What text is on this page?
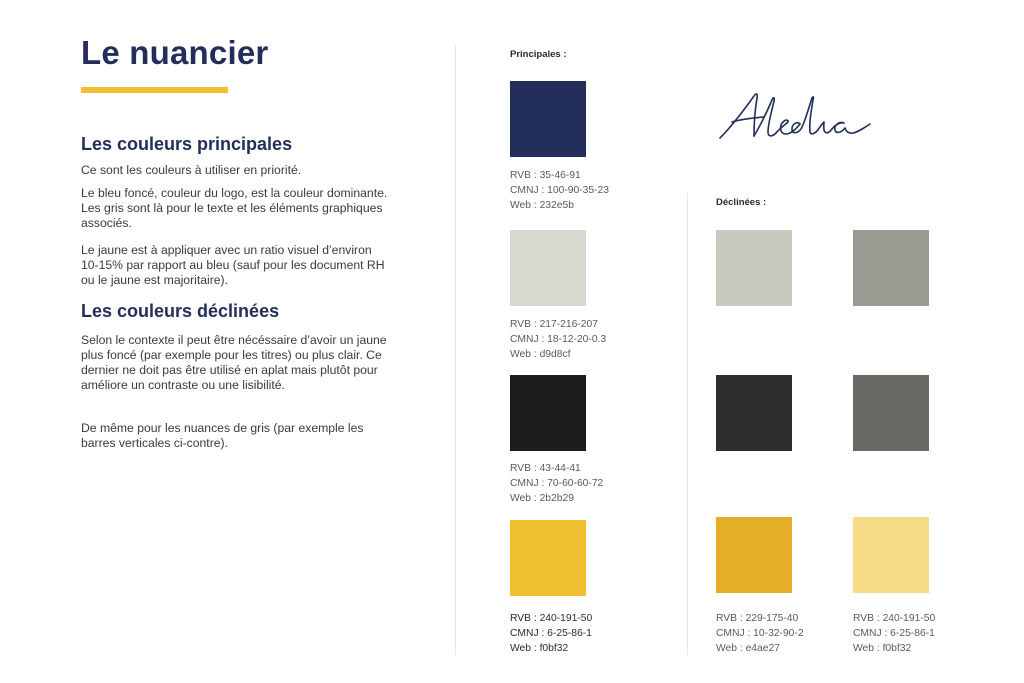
Le nuancier
Les couleurs principales

Ce sont les couleurs à utiliser en priorité.

Le bleu foncé, couleur du logo, est la couleur dominante. Les gris sont là pour le texte et les éléments graphiques associés.

Le jaune est à appliquer avec un ratio visuel d’environ 10-15% par rapport au bleu (sauf pour les document RH ou le jaune est majoritaire).

Les couleurs déclinées

Selon le contexte il peut être nécéssaire d’avoir un jaune plus foncé (par exemple pour les titres) ou plus clair. Ce dernier ne doit pas être utilisé en aplat mais plutôt pour améliore un contraste ou une lisibilité.

De même pour les nuances de gris (par exemple les barres verticales ci-contre).

Principales :
Déclinées :
RVB : 35-46-91
CMNJ : 100-90-35-23
Web : 232e5b
RVB : 217-216-207
CMNJ : 18-12-20-0.3
Web : d9d8cf
RVB : 43-44-41
CMNJ : 70-60-60-72
Web : 2b2b29
RVB : 240-191-50
CMNJ : 6-25-86-1
Web : f0bf32
RVB : 229-175-40
CMNJ : 10-32-90-2
Web : e4ae27
RVB : 240-191-50
CMNJ : 6-25-86-1
Web : f0bf32
